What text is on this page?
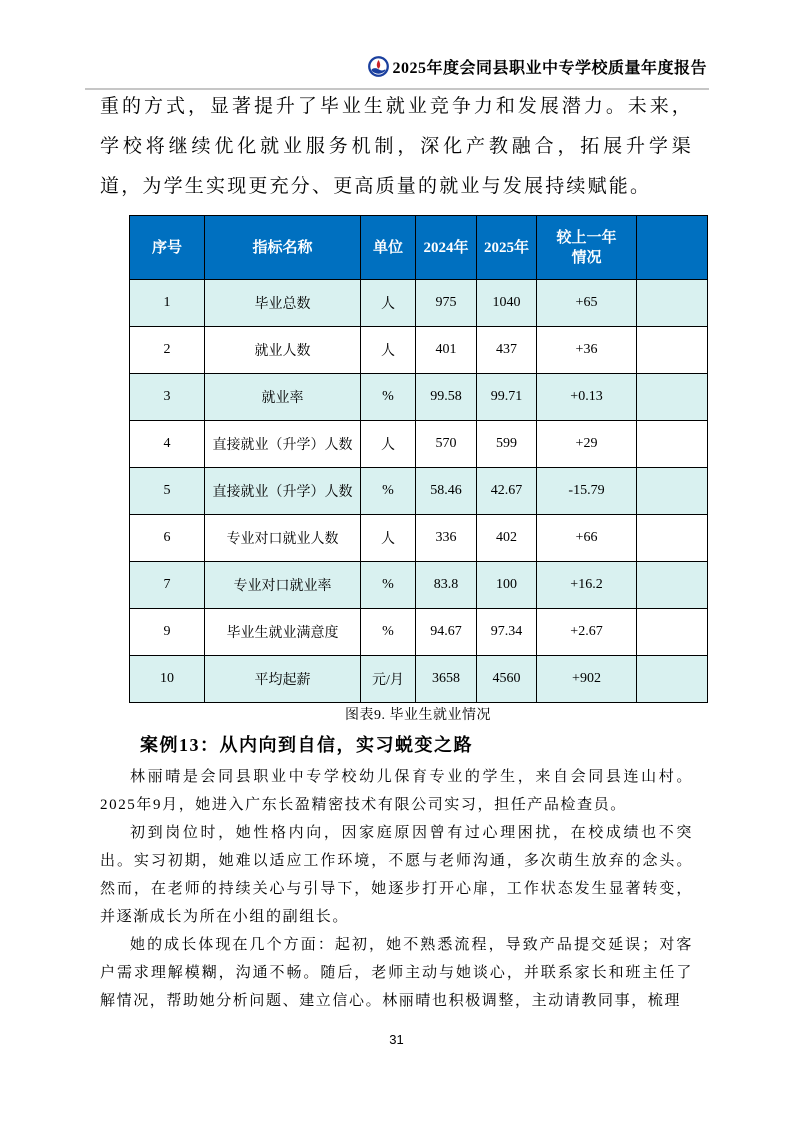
2025年度会同县职业中专学校质量年度报告
重的方式，显著提升了毕业生就业竞争力和发展潜力。未来，学校将继续优化就业服务机制，深化产教融合，拓展升学渠道，为学生实现更充分、更高质量的就业与发展持续赋能。
序号	指标名称	单位	2024年	2025年	较上一年情况	
1	毕业总数	人	975	1040	+65	
2	就业人数	人	401	437	+36	
3	就业率	%	99.58	99.71	+0.13	
4	直接就业（升学）人数	人	570	599	+29	
5	直接就业（升学）人数	%	58.46	42.67	-15.79	
6	专业对口就业人数	人	336	402	+66	
7	专业对口就业率	%	83.8	100	+16.2	
9	毕业生就业满意度	%	94.67	97.34	+2.67	
10	平均起薪	元/月	3658	4560	+902	
图表9. 毕业生就业情况
案例13：从内向到自信，实习蜕变之路

林丽晴是会同县职业中专学校幼儿保育专业的学生，来自会同县连山村。2025年9月，她进入广东长盈精密技术有限公司实习，担任产品检查员。

初到岗位时，她性格内向，因家庭原因曾有过心理困扰，在校成绩也不突出。实习初期，她难以适应工作环境，不愿与老师沟通，多次萌生放弃的念头。然而，在老师的持续关心与引导下，她逐步打开心扉，工作状态发生显著转变，并逐渐成长为所在小组的副组长。

她的成长体现在几个方面：起初，她不熟悉流程，导致产品提交延误；对客户需求理解模糊，沟通不畅。随后，老师主动与她谈心，并联系家长和班主任了解情况，帮助她分析问题、建立信心。林丽晴也积极调整，主动请教同事，梳理

31
